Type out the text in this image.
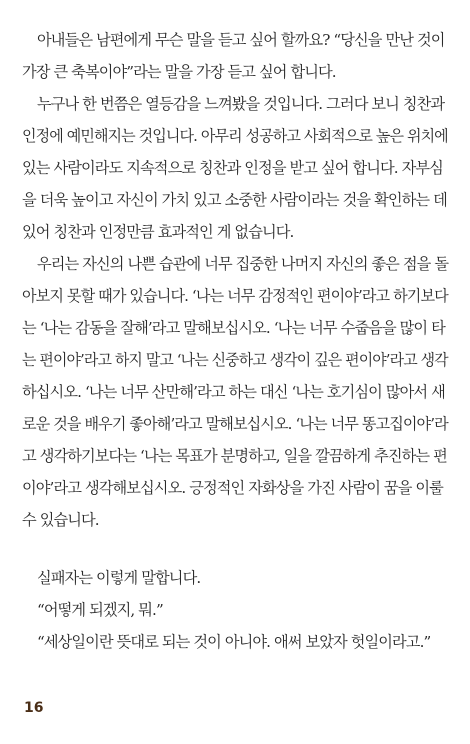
아내들은 남편에게 무슨 말을 듣고 싶어 할까요? “당신을 만난 것이
가장 큰 축복이야”라는 말을 가장 듣고 싶어 합니다.
누구나 한 번쯤은 열등감을 느껴봤을 것입니다. 그러다 보니 칭찬과
인정에 예민해지는 것입니다. 아무리 성공하고 사회적으로 높은 위치에
있는 사람이라도 지속적으로 칭찬과 인정을 받고 싶어 합니다. 자부심
을 더욱 높이고 자신이 가치 있고 소중한 사람이라는 것을 확인하는 데
있어 칭찬과 인정만큼 효과적인 게 없습니다.
우리는 자신의 나쁜 습관에 너무 집중한 나머지 자신의 좋은 점을 돌
아보지 못할 때가 있습니다. ‘나는 너무 감정적인 편이야’라고 하기보다
는 ‘나는 감동을 잘해’라고 말해보십시오. ‘나는 너무 수줍음을 많이 타
는 편이야’라고 하지 말고 ‘나는 신중하고 생각이 깊은 편이야’라고 생각
하십시오. ‘나는 너무 산만해’라고 하는 대신 ‘나는 호기심이 많아서 새
로운 것을 배우기 좋아해’라고 말해보십시오. ‘나는 너무 똥고집이야’라
고 생각하기보다는 ‘나는 목표가 분명하고, 일을 깔끔하게 추진하는 편
이야’라고 생각해보십시오. 긍정적인 자화상을 가진 사람이 꿈을 이룰
수 있습니다.
실패자는 이렇게 말합니다.
“어떻게 되겠지, 뭐.”
“세상일이란 뜻대로 되는 것이 아니야. 애써 보았자 헛일이라고.”
16
